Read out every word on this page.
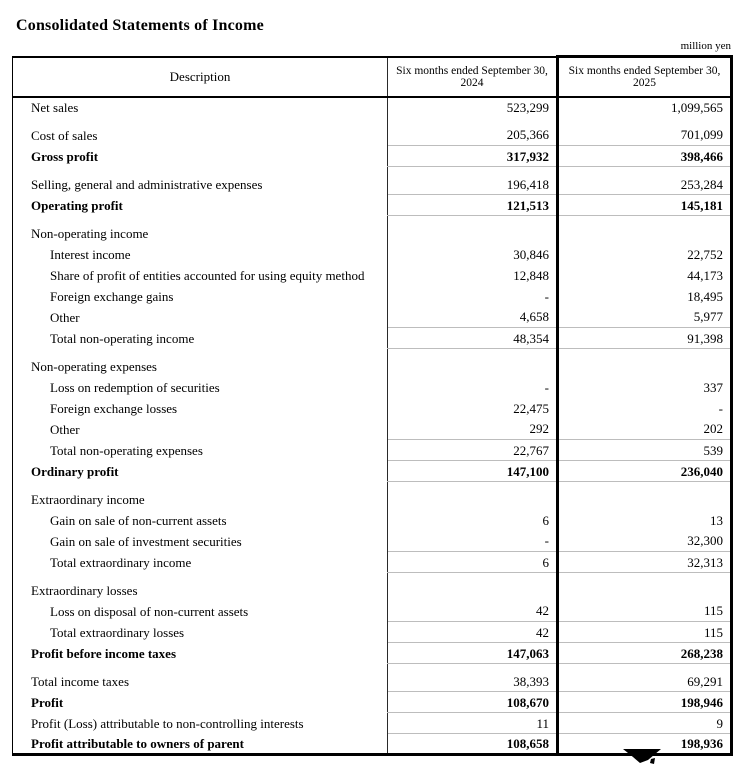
Consolidated Statements of Income
million yen
Description	Six months ended September 30, 2024	Six months ended September 30, 2025
Net sales	523,299	1,099,565
Cost of sales	205,366	701,099
Gross profit	317,932	398,466
Selling, general and administrative expenses	196,418	253,284
Operating profit	121,513	145,181
Non-operating income		
Interest income	30,846	22,752
Share of profit of entities accounted for using equity method	12,848	44,173
Foreign exchange gains	-	18,495
Other	4,658	5,977
Total non-operating income	48,354	91,398
Non-operating expenses		
Loss on redemption of securities	-	337
Foreign exchange losses	22,475	-
Other	292	202
Total non-operating expenses	22,767	539
Ordinary profit	147,100	236,040
Extraordinary income		
Gain on sale of non-current assets	6	13
Gain on sale of investment securities	-	32,300
Total extraordinary income	6	32,313
Extraordinary losses		
Loss on disposal of non-current assets	42	115
Total extraordinary losses	42	115
Profit before income taxes	147,063	268,238
Total income taxes	38,393	69,291
Profit	108,670	198,946
Profit (Loss) attributable to non-controlling interests	11	9
Profit attributable to owners of parent	108,658	198,936
